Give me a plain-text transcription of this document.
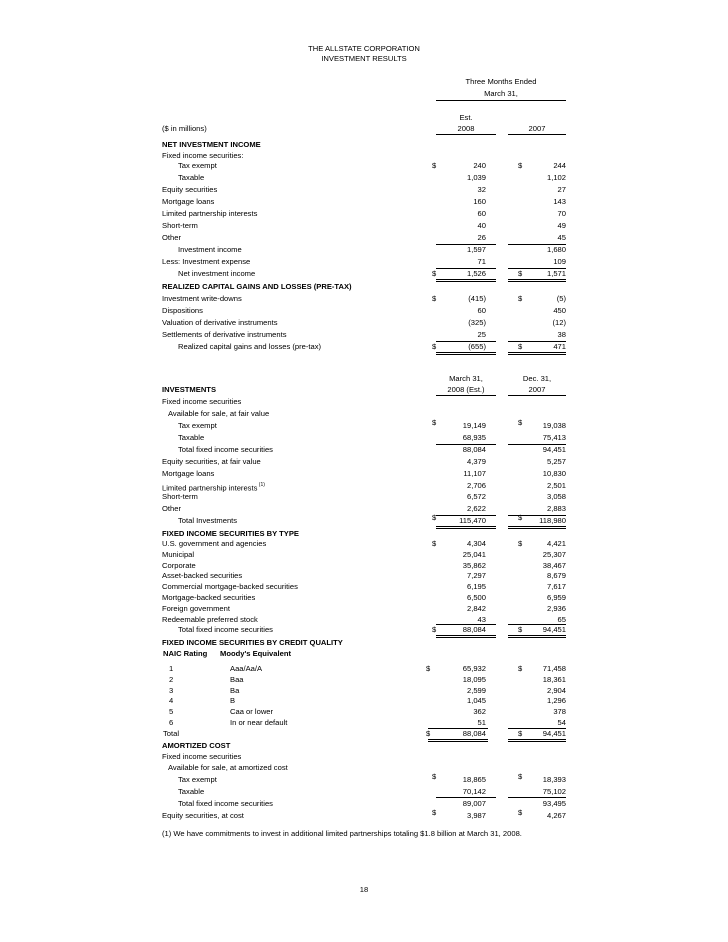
THE ALLSTATE CORPORATION
INVESTMENT RESULTS
Three Months Ended
March 31,
Est.
($ in millions)	2008	2007
NET INVESTMENT INCOME
Fixed income securities:
Tax exempt	240	244
$	$
Taxable	1,039	1,102
Equity securities	32	27
Mortgage loans	160	143
Limited partnership interests	60	70
Short-term	40	49
Other	26	45
Investment income	1,597	1,680
Less: Investment expense	71	109
Net investment income	1,526	1,571
$	$
REALIZED CAPITAL GAINS AND LOSSES (PRE-TAX)
Investment write-downs	(415)	(5)
$	$
Dispositions	60	450
Valuation of derivative instruments	(325)	(12)
Settlements of derivative instruments	25	38
Realized capital gains and losses (pre-tax)	(655)	471
$	$
March 31,	Dec. 31,
INVESTMENTS	2008 (Est.)	2007
Fixed income securities
Available for sale, at fair value
Tax exempt	19,149	19,038
$	$
Taxable	68,935	75,413
Total fixed income securities	88,084	94,451
Equity securities, at fair value	4,379	5,257
Mortgage loans	11,107	10,830
Limited partnership interests $^{(1)}$	2,706	2,501
Short-term	6,572	3,058
Other	2,622	2,883
Total Investments	115,470	118,980
$	$
FIXED INCOME SECURITIES BY TYPE
U.S. government and agencies	4,304	4,421
$	$
Municipal	25,041	25,307
Corporate	35,862	38,467
Asset-backed securities	7,297	8,679
Commercial mortgage-backed securities	6,195	7,617
Mortgage-backed securities	6,500	6,959
Foreign government	2,842	2,936
Redeemable preferred stock	43	65
Total fixed income securities	88,084	94,451
$	$
FIXED INCOME SECURITIES BY CREDIT QUALITY
NAIC Rating Moody's Equivalent
1	Aaa/Aa/A	65,932	71,458
$	$
2	Baa	18,095	18,361
3	Ba	2,599	2,904
4	B	1,045	1,296
5	Caa or lower	362	378
6	In or near default	51	54
Total	88,084	94,451
$	$
AMORTIZED COST
Fixed income securities
Available for sale, at amortized cost
Tax exempt	18,865	18,393
$	$
Taxable	70,142	75,102
Total fixed income securities	89,007	93,495
Equity securities, at cost	3,987	4,267
$	$
(1) We have commitments to invest in additional limited partnerships totaling $1.8 billion at March 31, 2008.
18
